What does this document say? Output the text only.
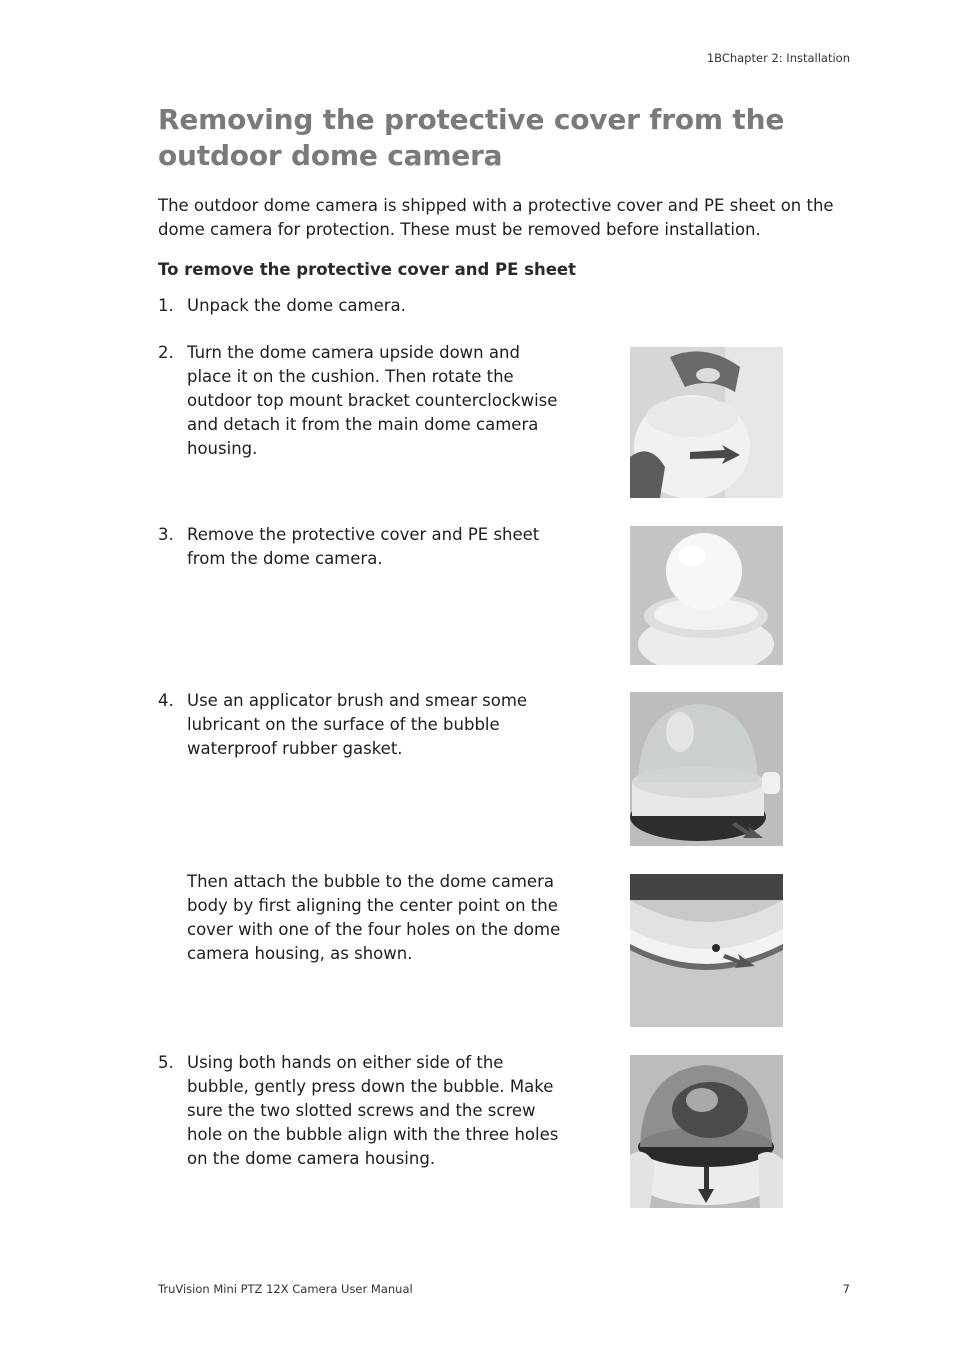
1BChapter 2: Installation
Removing the protective cover from the outdoor dome camera

The outdoor dome camera is shipped with a protective cover and PE sheet on the dome camera for protection. These must be removed before installation.

To remove the protective cover and PE sheet

1. Unpack the dome camera.
2. Turn the dome camera upside down and place it on the cushion. Then rotate the outdoor top mount bracket counterclockwise and detach it from the main dome camera housing.
3. Remove the protective cover and PE sheet from the dome camera.
4. Use an applicator brush and smear some lubricant on the surface of the bubble waterproof rubber gasket.
Then attach the bubble to the dome camera body by first aligning the center point on the cover with one of the four holes on the dome camera housing, as shown.
5. Using both hands on either side of the bubble, gently press down the bubble. Make sure the two slotted screws and the screw hole on the bubble align with the three holes on the dome camera housing.
TruVision Mini PTZ 12X Camera User Manual	7
